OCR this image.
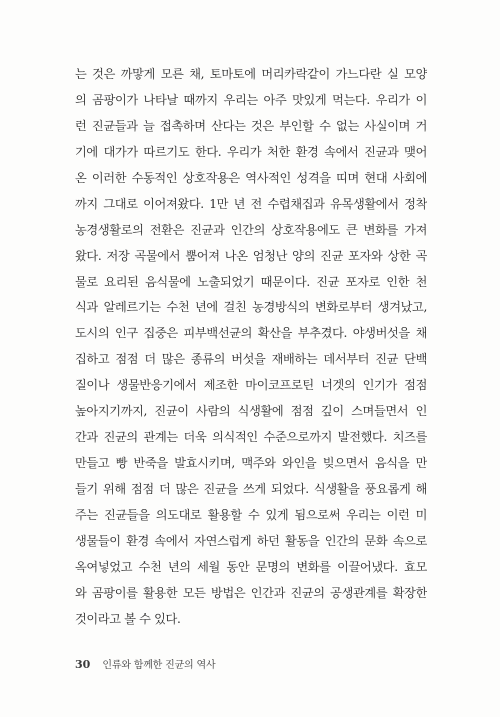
는 것은 까맣게 모른 채, 토마토에 머리카락같이 가느다란 실 모양
의 곰팡이가 나타날 때까지 우리는 아주 맛있게 먹는다. 우리가 이
런 진균들과 늘 접촉하며 산다는 것은 부인할 수 없는 사실이며 거
기에 대가가 따르기도 한다. 우리가 처한 환경 속에서 진균과 맺어
온 이러한 수동적인 상호작용은 역사적인 성격을 띠며 현대 사회에
까지 그대로 이어져왔다. 1만 년 전 수렵채집과 유목생활에서 정착
농경생활로의 전환은 진균과 인간의 상호작용에도 큰 변화를 가져
왔다. 저장 곡물에서 뿜어져 나온 엄청난 양의 진균 포자와 상한 곡
물로 요리된 음식물에 노출되었기 때문이다. 진균 포자로 인한 천
식과 알레르기는 수천 년에 걸친 농경방식의 변화로부터 생겨났고,
도시의 인구 집중은 피부백선균의 확산을 부추겼다. 야생버섯을 채
집하고 점점 더 많은 종류의 버섯을 재배하는 데서부터 진균 단백
질이나 생물반응기에서 제조한 마이코프로틴 너겟의 인기가 점점
높아지기까지, 진균이 사람의 식생활에 점점 깊이 스며들면서 인
간과 진균의 관계는 더욱 의식적인 수준으로까지 발전했다. 치즈를
만들고 빵 반죽을 발효시키며, 맥주와 와인을 빚으면서 음식을 만
들기 위해 점점 더 많은 진균을 쓰게 되었다. 식생활을 풍요롭게 해
주는 진균들을 의도대로 활용할 수 있게 됨으로써 우리는 이런 미
생물들이 환경 속에서 자연스럽게 하던 활동을 인간의 문화 속으로
옥여넣었고 수천 년의 세월 동안 문명의 변화를 이끌어냈다. 효모
와 곰팡이를 활용한 모든 방법은 인간과 진균의 공생관계를 확장한
것이라고 볼 수 있다.
30 인류와 함께한 진균의 역사
